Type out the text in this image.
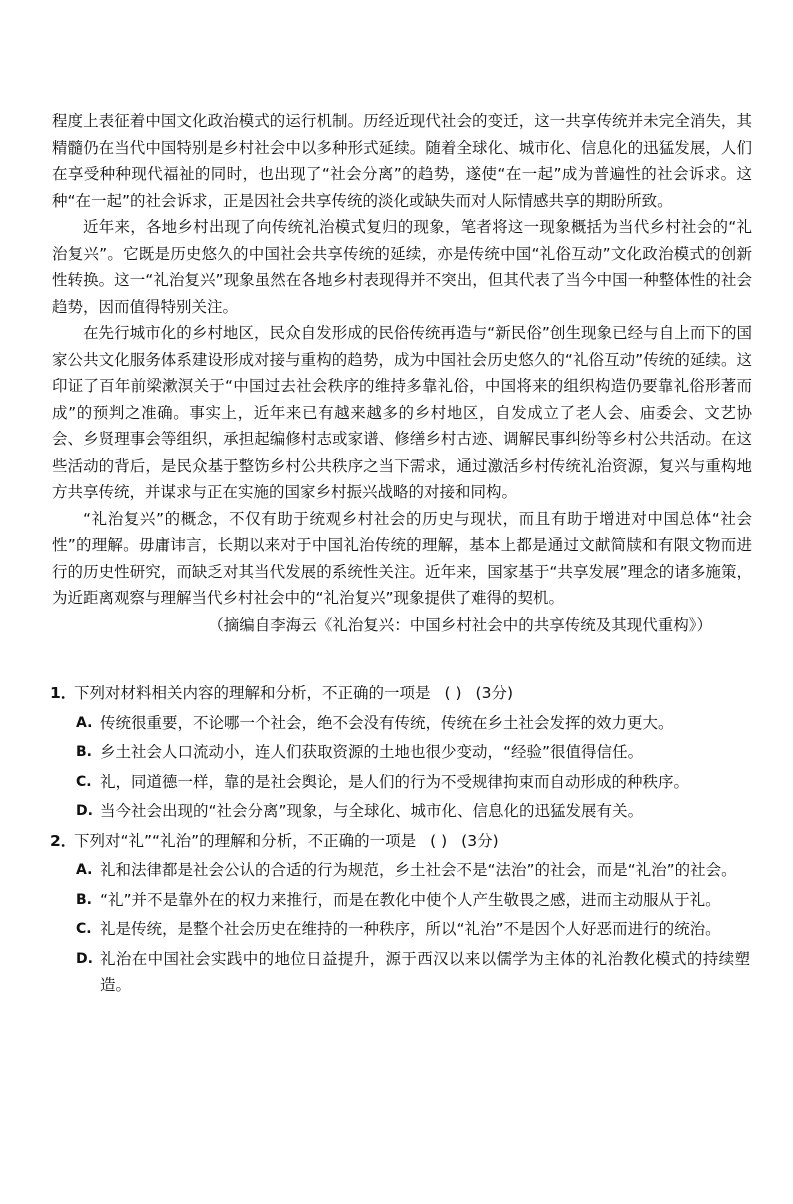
程度上表征着中国文化政治模式的运行机制。历经近现代社会的变迁，这一共享传统并未完全消失，其精髓仍在当代中国特别是乡村社会中以多种形式延续。随着全球化、城市化、信息化的迅猛发展，人们在享受种种现代福祉的同时，也出现了“社会分离”的趋势，遂使“在一起”成为普遍性的社会诉求。这种“在一起”的社会诉求，正是因社会共享传统的淡化或缺失而对人际情感共享的期盼所致。

近年来，各地乡村出现了向传统礼治模式复归的现象，笔者将这一现象概括为当代乡村社会的“礼治复兴”。它既是历史悠久的中国社会共享传统的延续，亦是传统中国“礼俗互动”文化政治模式的创新性转换。这一“礼治复兴”现象虽然在各地乡村表现得并不突出，但其代表了当今中国一种整体性的社会趋势，因而值得特别关注。

在先行城市化的乡村地区，民众自发形成的民俗传统再造与“新民俗”创生现象已经与自上而下的国家公共文化服务体系建设形成对接与重构的趋势，成为中国社会历史悠久的“礼俗互动”传统的延续。这印证了百年前梁漱溟关于“中国过去社会秩序的维持多靠礼俗，中国将来的组织构造仍要靠礼俗形著而成”的预判之准确。事实上，近年来已有越来越多的乡村地区，自发成立了老人会、庙委会、文艺协会、乡贤理事会等组织，承担起编修村志或家谱、修缮乡村古迹、调解民事纠纷等乡村公共活动。在这些活动的背后，是民众基于整饬乡村公共秩序之当下需求，通过激活乡村传统礼治资源，复兴与重构地方共享传统，并谋求与正在实施的国家乡村振兴战略的对接和同构。

“礼治复兴”的概念，不仅有助于统观乡村社会的历史与现状，而且有助于增进对中国总体“社会性”的理解。毋庸讳言，长期以来对于中国礼治传统的理解，基本上都是通过文献简牍和有限文物而进行的历史性研究，而缺乏对其当代发展的系统性关注。近年来，国家基于“共享发展”理念的诸多施策，为近距离观察与理解当代乡村社会中的“礼治复兴”现象提供了难得的契机。

（摘编自李海云《礼治复兴：中国乡村社会中的共享传统及其现代重构》）

1．
下列对材料相关内容的理解和分析，不正确的一项是 ( ) (3分)
A. 传统很重要，不论哪一个社会，绝不会没有传统，传统在乡土社会发挥的效力更大。
B. 乡土社会人口流动小，连人们获取资源的土地也很少变动，“经验”很值得信任。
C. 礼，同道德一样，靠的是社会舆论，是人们的行为不受规律拘束而自动形成的种秩序。
D. 当今社会出现的“社会分离”现象，与全球化、城市化、信息化的迅猛发展有关。
2．
下列对“礼”“礼治”的理解和分析，不正确的一项是 ( ) (3分)
A. 礼和法律都是社会公认的合适的行为规范，乡土社会不是“法治”的社会，而是“礼治”的社会。
B. “礼”并不是靠外在的权力来推行，而是在教化中使个人产生敬畏之感，进而主动服从于礼。
C. 礼是传统，是整个社会历史在维持的一种秩序，所以“礼治”不是因个人好恶而进行的统治。
D. 礼治在中国社会实践中的地位日益提升，源于西汉以来以儒学为主体的礼治教化模式的持续塑造。
